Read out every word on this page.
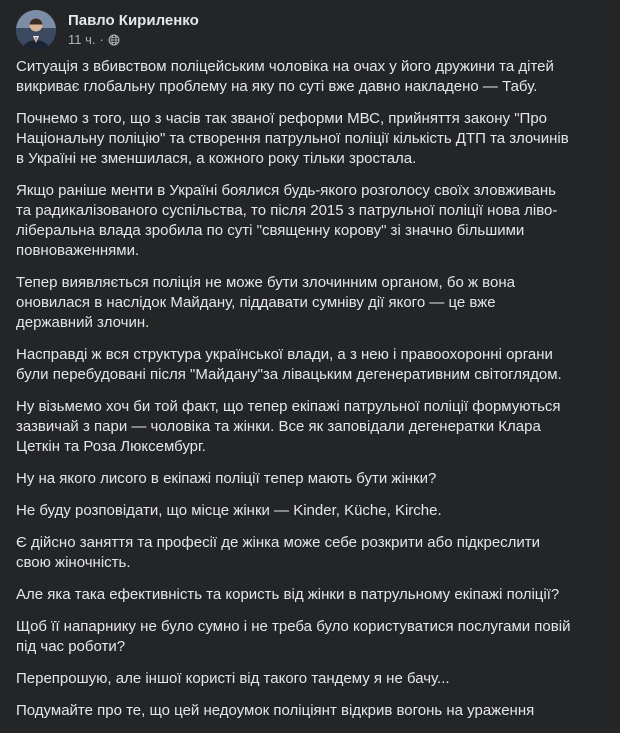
Павло Кириленко
11 ч. ·

Ситуація з вбивством поліцейським чоловіка на очах у його дружини та дітей
викриває глобальну проблему на яку по суті вже давно накладено — Табу.

Почнемо з того, що з часів так званої реформи МВС, прийняття закону "Про
Національну поліцію" та створення патрульної поліції кількість ДТП та злочинів
в Україні не зменшилася, а кожного року тільки зростала.

Якщо раніше менти в Україні боялися будь-якого розголосу своїх зловживань
та радикалізованого суспільства, то після 2015 з патрульної поліції нова ліво-
ліберальна влада зробила по суті "священну корову" зі значно більшими
повноваженнями.

Тепер виявляється поліція не може бути злочинним органом, бо ж вона
оновилася в наслідок Майдану, піддавати сумніву дії якого — це вже
державний злочин.

Насправді ж вся структура української влади, а з нею і правоохоронні органи
були перебудовані після "Майдану"за лівацьким дегенеративним світоглядом.

Ну візьмемо хоч би той факт, що тепер екіпажі патрульної поліції формуються
зазвичай з пари — чоловіка та жінки. Все як заповідали дегенератки Клара
Цеткін та Роза Люксембург.

Ну на якого лисого в екіпажі поліції тепер мають бути жінки?

Не буду розповідати, що місце жінки — Kinder, Küche, Kirche.

Є дійсно заняття та професії де жінка може себе розкрити або підкреслити
свою жіночність.

Але яка така ефективність та користь від жінки в патрульному екіпажі поліції?

Щоб її напарнику не було сумно і не треба було користуватися послугами повій
під час роботи?

Перепрошую, але іншої користі від такого тандему я не бачу...

Подумайте про те, що цей недоумок поліціянт відкрив вогонь на ураження
